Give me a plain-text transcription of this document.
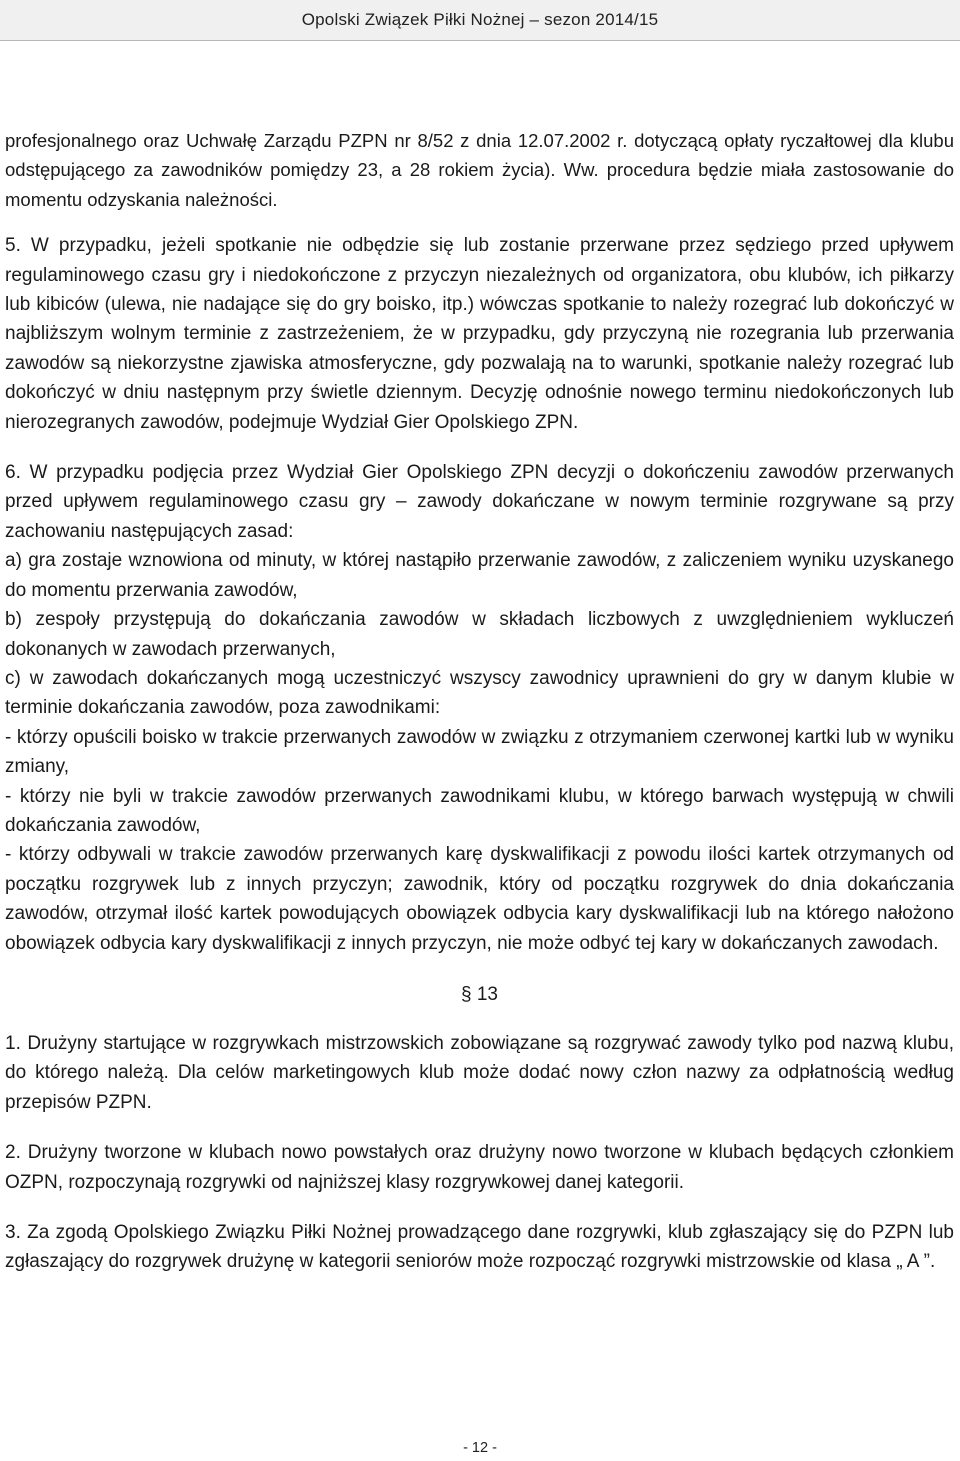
Opolski Związek Piłki Nożnej – sezon 2014/15

profesjonalnego oraz Uchwałę Zarządu PZPN nr 8/52 z dnia 12.07.2002 r. dotyczącą opłaty ryczałtowej dla klubu odstępującego za zawodników pomiędzy 23, a 28 rokiem życia). Ww. procedura będzie miała zastosowanie do momentu odzyskania należności.

5. W przypadku, jeżeli spotkanie nie odbędzie się lub zostanie przerwane przez sędziego przed upływem regulaminowego czasu gry i niedokończone z przyczyn niezależnych od organizatora, obu klubów, ich piłkarzy lub kibiców (ulewa, nie nadające się do gry boisko, itp.) wówczas spotkanie to należy rozegrać lub dokończyć w najbliższym wolnym terminie z zastrzeżeniem, że w przypadku, gdy przyczyną nie rozegrania lub przerwania zawodów są niekorzystne zjawiska atmosferyczne, gdy pozwalają na to warunki, spotkanie należy rozegrać lub dokończyć w dniu następnym przy świetle dziennym. Decyzję odnośnie nowego terminu niedokończonych lub nierozegranych zawodów, podejmuje Wydział Gier Opolskiego ZPN.

6. W przypadku podjęcia przez Wydział Gier Opolskiego ZPN decyzji o dokończeniu zawodów przerwanych przed upływem regulaminowego czasu gry – zawody dokańczane w nowym terminie rozgrywane są przy zachowaniu następujących zasad:

a) gra zostaje wznowiona od minuty, w której nastąpiło przerwanie zawodów, z zaliczeniem wyniku uzyskanego do momentu przerwania zawodów,

b) zespoły przystępują do dokańczania zawodów w składach liczbowych z uwzględnieniem wykluczeń dokonanych w zawodach przerwanych,

c) w zawodach dokańczanych mogą uczestniczyć wszyscy zawodnicy uprawnieni do gry w danym klubie w terminie dokańczania zawodów, poza zawodnikami:

- którzy opuścili boisko w trakcie przerwanych zawodów w związku z otrzymaniem czerwonej kartki lub w wyniku zmiany,

- którzy nie byli w trakcie zawodów przerwanych zawodnikami klubu, w którego barwach występują w chwili dokańczania zawodów,

- którzy odbywali w trakcie zawodów przerwanych karę dyskwalifikacji z powodu ilości kartek otrzymanych od początku rozgrywek lub z innych przyczyn; zawodnik, który od początku rozgrywek do dnia dokańczania zawodów, otrzymał ilość kartek powodujących obowiązek odbycia kary dyskwalifikacji lub na którego nałożono obowiązek odbycia kary dyskwalifikacji z innych przyczyn, nie może odbyć tej kary w dokańczanych zawodach.

§ 13

1. Drużyny startujące w rozgrywkach mistrzowskich zobowiązane są rozgrywać zawody tylko pod nazwą klubu, do którego należą. Dla celów marketingowych klub może dodać nowy człon nazwy za odpłatnością według przepisów PZPN.

2. Drużyny tworzone w klubach nowo powstałych oraz drużyny nowo tworzone w klubach będących członkiem OZPN, rozpoczynają rozgrywki od najniższej klasy rozgrywkowej danej kategorii.

3. Za zgodą Opolskiego Związku Piłki Nożnej prowadzącego dane rozgrywki, klub zgłaszający się do PZPN lub zgłaszający do rozgrywek drużynę w kategorii seniorów może rozpocząć rozgrywki mistrzowskie od klasa „ A ”.

- 12 -
